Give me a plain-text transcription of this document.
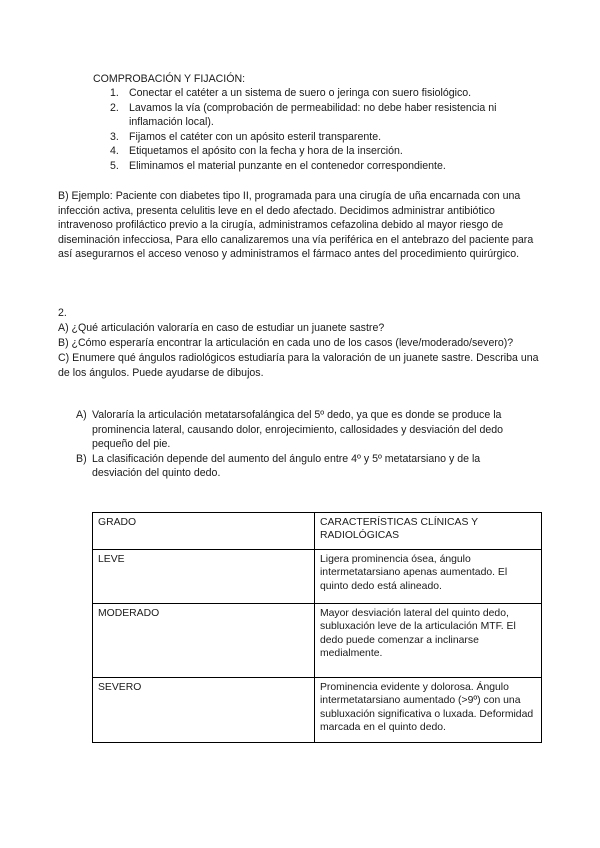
COMPROBACIÓN Y FIJACIÓN:
1. Conectar el catéter a un sistema de suero o jeringa con suero fisiológico.
2. Lavamos la vía (comprobación de permeabilidad: no debe haber resistencia ni inflamación local).
3. Fijamos el catéter con un apósito esteril transparente.
4. Etiquetamos el apósito con la fecha y hora de la inserción.
5. Eliminamos el material punzante en el contenedor correspondiente.

B) Ejemplo: Paciente con diabetes tipo II, programada para una cirugía de uña encarnada con una infección activa, presenta celulitis leve en el dedo afectado. Decidimos administrar antibiótico intravenoso profiláctico previo a la cirugía, administramos cefazolina debido al mayor riesgo de diseminación infecciosa, Para ello canalizaremos una vía periférica en el antebrazo del paciente para así asegurarnos el acceso venoso y administramos el fármaco antes del procedimiento quirúrgico.

2.

A) ¿Qué articulación valoraría en caso de estudiar un juanete sastre?

B) ¿Cómo esperaría encontrar la articulación en cada uno de los casos (leve/moderado/severo)?

C) Enumere qué ángulos radiológicos estudiaría para la valoración de un juanete sastre. Describa una de los ángulos. Puede ayudarse de dibujos.

A) Valoraría la articulación metatarsofalángica del 5º dedo, ya que es donde se produce la prominencia lateral, causando dolor, enrojecimiento, callosidades y desviación del dedo pequeño del pie.
B) La clasificación depende del aumento del ángulo entre 4º y 5º metatarsiano y de la desviación del quinto dedo.
GRADO	CARACTERÍSTICAS CLÍNICAS Y RADIOLÓGICAS
LEVE	Ligera prominencia ósea, ángulo intermetatarsiano apenas aumentado. El quinto dedo está alineado.
MODERADO	Mayor desviación lateral del quinto dedo, subluxación leve de la articulación MTF. El dedo puede comenzar a inclinarse medialmente.
SEVERO	Prominencia evidente y dolorosa. Ángulo intermetatarsiano aumentado (>9º) con una subluxación significativa o luxada. Deformidad marcada en el quinto dedo.
